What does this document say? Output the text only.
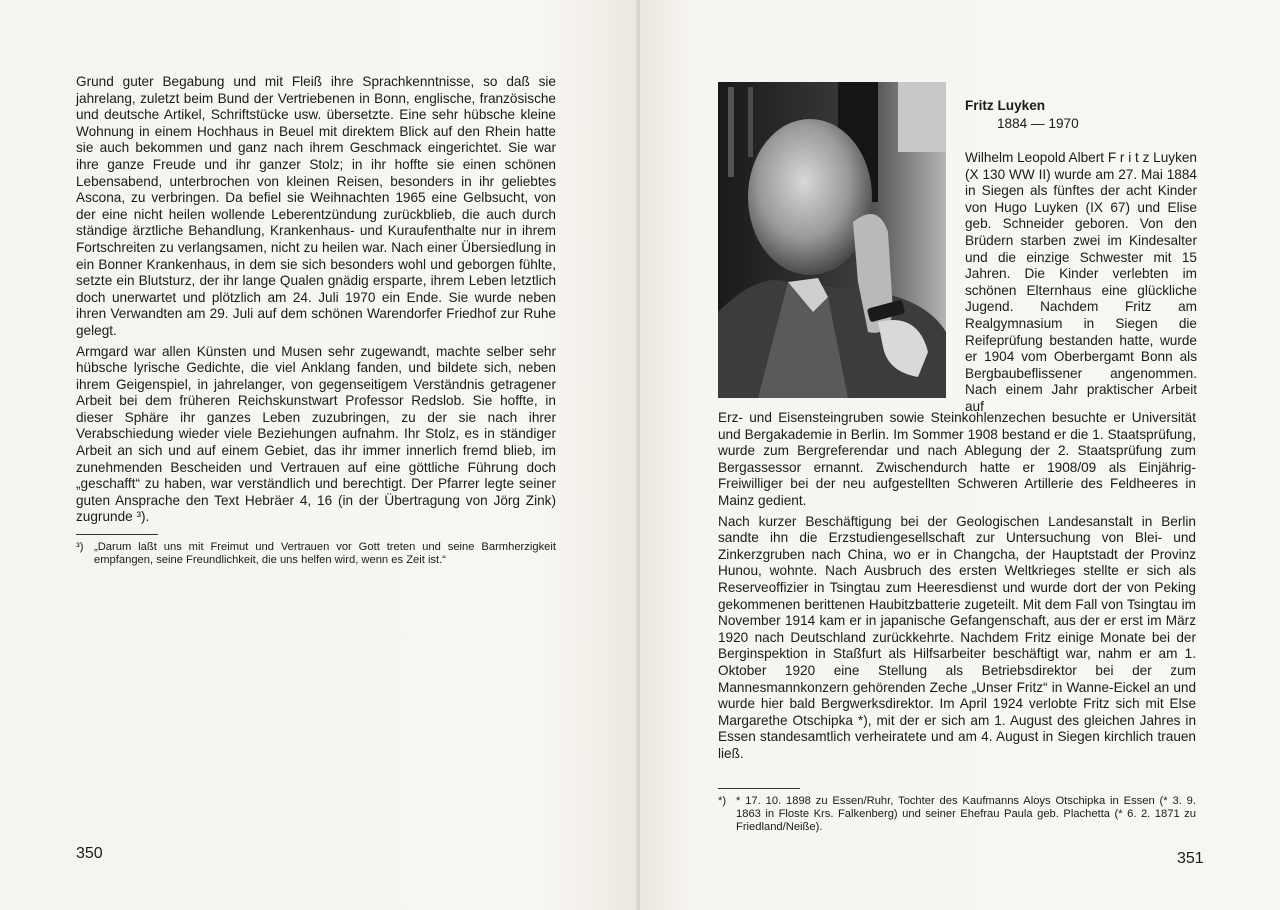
Grund guter Begabung und mit Fleiß ihre Sprachkenntnisse, so daß sie jahrelang, zuletzt beim Bund der Vertriebenen in Bonn, englische, französische und deutsche Artikel, Schriftstücke usw. übersetzte. Eine sehr hübsche kleine Wohnung in einem Hochhaus in Beuel mit direktem Blick auf den Rhein hatte sie auch bekommen und ganz nach ihrem Geschmack eingerichtet. Sie war ihre ganze Freude und ihr ganzer Stolz; in ihr hoffte sie einen schönen Lebensabend, unterbrochen von kleinen Reisen, besonders in ihr geliebtes Ascona, zu verbringen. Da befiel sie Weihnachten 1965 eine Gelbsucht, von der eine nicht heilen wollende Leberentzündung zurückblieb, die auch durch ständige ärztliche Behandlung, Krankenhaus- und Kuraufenthalte nur in ihrem Fortschreiten zu verlangsamen, nicht zu heilen war. Nach einer Übersiedlung in ein Bonner Krankenhaus, in dem sie sich besonders wohl und geborgen fühlte, setzte ein Blutsturz, der ihr lange Qualen gnädig ersparte, ihrem Leben letztlich doch unerwartet und plötzlich am 24. Juli 1970 ein Ende. Sie wurde neben ihren Verwandten am 29. Juli auf dem schönen Warendorfer Friedhof zur Ruhe gelegt.

Armgard war allen Künsten und Musen sehr zugewandt, machte selber sehr hübsche lyrische Gedichte, die viel Anklang fanden, und bildete sich, neben ihrem Geigenspiel, in jahrelanger, von gegenseitigem Verständnis getragener Arbeit bei dem früheren Reichskunstwart Professor Redslob. Sie hoffte, in dieser Sphäre ihr ganzes Leben zuzubringen, zu der sie nach ihrer Verabschiedung wieder viele Beziehungen aufnahm. Ihr Stolz, es in ständiger Arbeit an sich und auf einem Gebiet, das ihr immer innerlich fremd blieb, im zunehmenden Bescheiden und Vertrauen auf eine göttliche Führung doch „geschafft“ zu haben, war verständlich und berechtigt. Der Pfarrer legte seiner guten Ansprache den Text Hebräer 4, 16 (in der Übertragung von Jörg Zink) zugrunde ³).

³) „Darum laßt uns mit Freimut und Vertrauen vor Gott treten und seine Barmherzigkeit empfangen, seine Freundlichkeit, die uns helfen wird, wenn es Zeit ist.“
350

Fritz Luyken

1884 — 1970

Wilhelm Leopold Albert F r i t z Luyken (X 130 WW II) wurde am 27. Mai 1884 in Siegen als fünftes der acht Kinder von Hugo Luyken (IX 67) und Elise geb. Schneider geboren. Von den Brüdern starben zwei im Kindesalter und die einzige Schwester mit 15 Jahren. Die Kinder verlebten im schönen Elternhaus eine glückliche Jugend. Nachdem Fritz am Realgymnasium in Siegen die Reifeprüfung bestanden hatte, wurde er 1904 vom Oberbergamt Bonn als Bergbaubeflissener angenommen. Nach einem Jahr praktischer Arbeit auf

Erz- und Eisensteingruben sowie Steinkohlenzechen besuchte er Universität und Bergakademie in Berlin. Im Sommer 1908 bestand er die 1. Staatsprüfung, wurde zum Bergreferendar und nach Ablegung der 2. Staatsprüfung zum Bergassessor ernannt. Zwischendurch hatte er 1908/09 als Einjährig-Freiwilliger bei der neu aufgestellten Schweren Artillerie des Feldheeres in Mainz gedient.

Nach kurzer Beschäftigung bei der Geologischen Landesanstalt in Berlin sandte ihn die Erzstudiengesellschaft zur Untersuchung von Blei- und Zinkerzgruben nach China, wo er in Changcha, der Hauptstadt der Provinz Hunou, wohnte. Nach Ausbruch des ersten Weltkrieges stellte er sich als Reserveoffizier in Tsingtau zum Heeresdienst und wurde dort der von Peking gekommenen berittenen Haubitzbatterie zugeteilt. Mit dem Fall von Tsingtau im November 1914 kam er in japanische Gefangenschaft, aus der er erst im März 1920 nach Deutschland zurückkehrte. Nachdem Fritz einige Monate bei der Berginspektion in Staßfurt als Hilfsarbeiter beschäftigt war, nahm er am 1. Oktober 1920 eine Stellung als Betriebsdirektor bei der zum Mannesmannkonzern gehörenden Zeche „Unser Fritz“ in Wanne-Eickel an und wurde hier bald Bergwerksdirektor. Im April 1924 verlobte Fritz sich mit Else Margarethe Otschipka *), mit der er sich am 1. August des gleichen Jahres in Essen standesamtlich verheiratete und am 4. August in Siegen kirchlich trauen ließ.

*) * 17. 10. 1898 zu Essen/Ruhr, Tochter des Kaufmanns Aloys Otschipka in Essen (* 3. 9. 1863 in Floste Krs. Falkenberg) und seiner Ehefrau Paula geb. Plachetta (* 6. 2. 1871 zu Friedland/Neiße).
351
